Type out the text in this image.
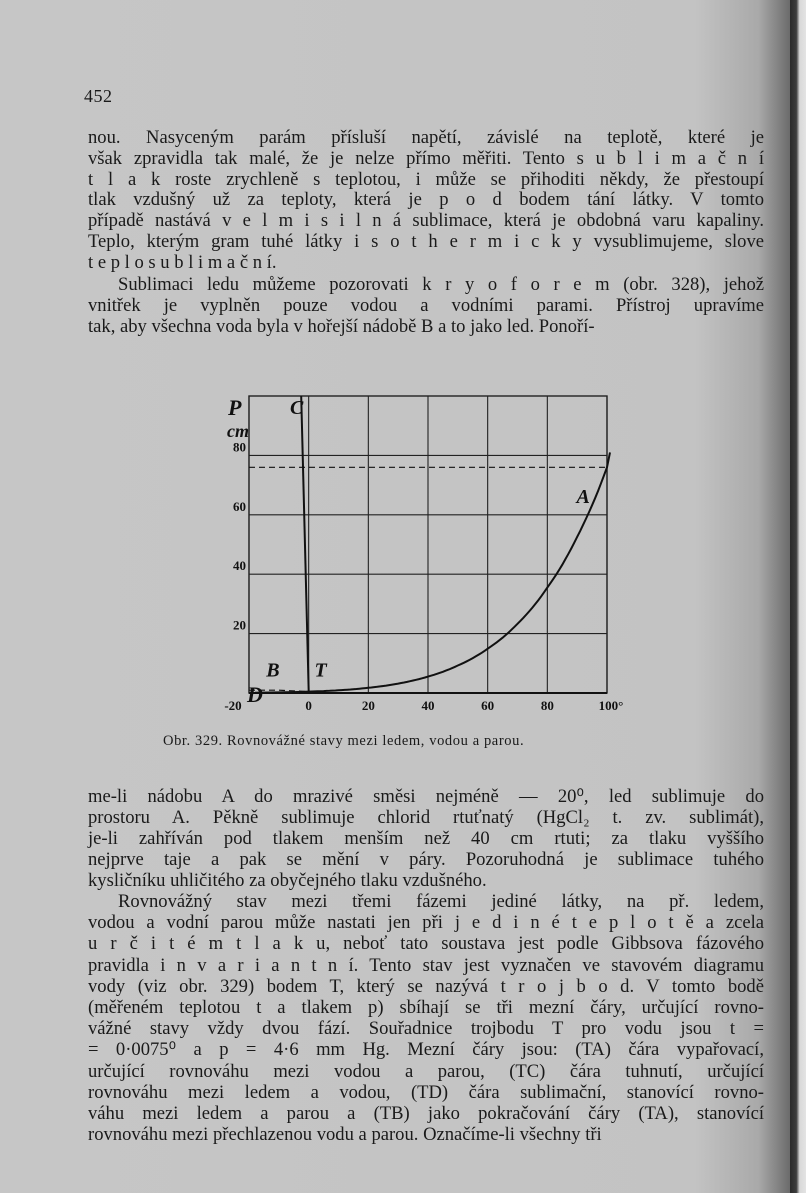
452
nou. Nasyceným parám přísluší napětí, závislé na teplotě, které je
však zpravidla tak malé, že je nelze přímo měřiti. Tento s u b l i m a č n í
t l a k roste zrychleně s teplotou, i může se přihoditi někdy, že přestoupí
tlak vzdušný už za teploty, která je p o d bodem tání látky. V tomto
případě nastává v e l m i s i l n á sublimace, která je obdobná varu kapaliny.
Teplo, kterým gram tuhé látky i s o t h e r m i c k y vysublimujeme, slove
t e p l o s u b l i m a č n í.
Sublimaci ledu můžeme pozorovati k r y o f o r e m (obr. 328), jehož
vnitřek je vyplněn pouze vodou a vodními parami. Přístroj upravíme
tak, aby všechna voda byla v hořejší nádobě B a to jako led. Ponoří-
-20	0	20	40	60	80	100°
20
40
60
80
P
cm
C
A
B T
D
Obr. 329. Rovnovážné stavy mezi ledem, vodou a parou.
me-li nádobu A do mrazivé směsi nejméně — 20⁰, led sublimuje do
prostoru A. Pěkně sublimuje chlorid rtuťnatý (HgCl₂ t. zv. sublimát),
je-li zahříván pod tlakem menším než 40 cm rtuti; za tlaku vyššího
nejprve taje a pak se mění v páry. Pozoruhodná je sublimace tuhého
kysličníku uhličitého za obyčejného tlaku vzdušného.
Rovnovážný stav mezi třemi fázemi jediné látky, na př. ledem,
vodou a vodní parou může nastati jen při j e d i n é t e p l o t ě a zcela
u r č i t é m t l a k u, neboť tato soustava jest podle Gibbsova fázového
pravidla i n v a r i a n t n í. Tento stav jest vyznačen ve stavovém diagramu
vody (viz obr. 329) bodem T, který se nazývá t r o j b o d. V tomto bodě
(měřeném teplotou t a tlakem p) sbíhají se tři mezní čáry, určující rovno-
vážné stavy vždy dvou fází. Souřadnice trojbodu T pro vodu jsou t =
= 0·0075⁰ a p = 4·6 mm Hg. Mezní čáry jsou: (TA) čára vypařovací,
určující rovnováhu mezi vodou a parou, (TC) čára tuhnutí, určující
rovnováhu mezi ledem a vodou, (TD) čára sublimační, stanovící rovno-
váhu mezi ledem a parou a (TB) jako pokračování čáry (TA), stanovící
rovnováhu mezi přechlazenou vodu a parou. Označíme-li všechny tři
